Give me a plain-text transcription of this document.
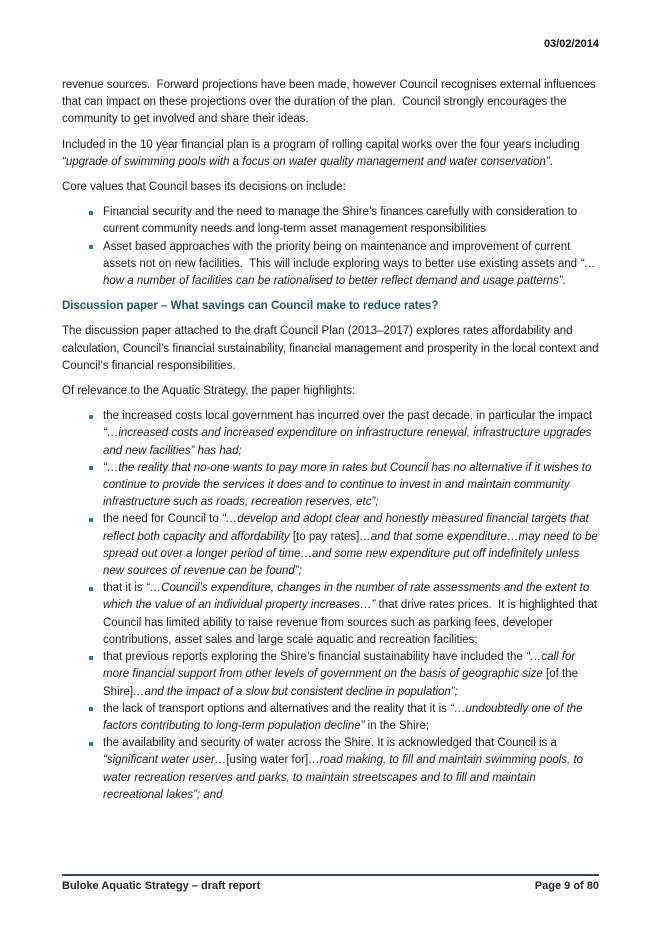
03/02/2014

revenue sources.  Forward projections have been made, however Council recognises external influences that can impact on these projections over the duration of the plan.  Council strongly encourages the community to get involved and share their ideas.

Included in the 10 year financial plan is a program of rolling capital works over the four years including “upgrade of swimming pools with a focus on water quality management and water conservation”.

Core values that Council bases its decisions on include:

Financial security and the need to manage the Shire’s finances carefully with consideration to current community needs and long-term asset management responsibilities
Asset based approaches with the priority being on maintenance and improvement of current assets not on new facilities.  This will include exploring ways to better use existing assets and “…how a number of facilities can be rationalised to better reflect demand and usage patterns”.
Discussion paper – What savings can Council make to reduce rates?

The discussion paper attached to the draft Council Plan (2013–2017) explores rates affordability and calculation, Council’s financial sustainability, financial management and prosperity in the local context and Council’s financial responsibilities.

Of relevance to the Aquatic Strategy, the paper highlights:

the increased costs local government has incurred over the past decade, in particular the impact “…increased costs and increased expenditure on infrastructure renewal, infrastructure upgrades and new facilities” has had;
“…the reality that no-one wants to pay more in rates but Council has no alternative if it wishes to continue to provide the services it does and to continue to invest in and maintain community infrastructure such as roads, recreation reserves, etc”;
the need for Council to “…develop and adopt clear and honestly measured financial targets that reflect both capacity and affordability [to pay rates]…and that some expenditure…may need to be spread out over a longer period of time…and some new expenditure put off indefinitely unless new sources of revenue can be found”;
that it is “…Council’s expenditure, changes in the number of rate assessments and the extent to which the value of an individual property increases…” that drive rates prices.  It is highlighted that Council has limited ability to raise revenue from sources such as parking fees, developer contributions, asset sales and large scale aquatic and recreation facilities;
that previous reports exploring the Shire’s financial sustainability have included the “…call for more financial support from other levels of government on the basis of geographic size [of the Shire]…and the impact of a slow but consistent decline in population”;
the lack of transport options and alternatives and the reality that it is “…undoubtedly one of the factors contributing to long-term population decline” in the Shire;
the availability and security of water across the Shire. It is acknowledged that Council is a “significant water user…[using water for]…road making, to fill and maintain swimming pools, to water recreation reserves and parks, to maintain streetscapes and to fill and maintain recreational lakes”; and
Buloke Aquatic Strategy – draft report	Page 9 of 80
